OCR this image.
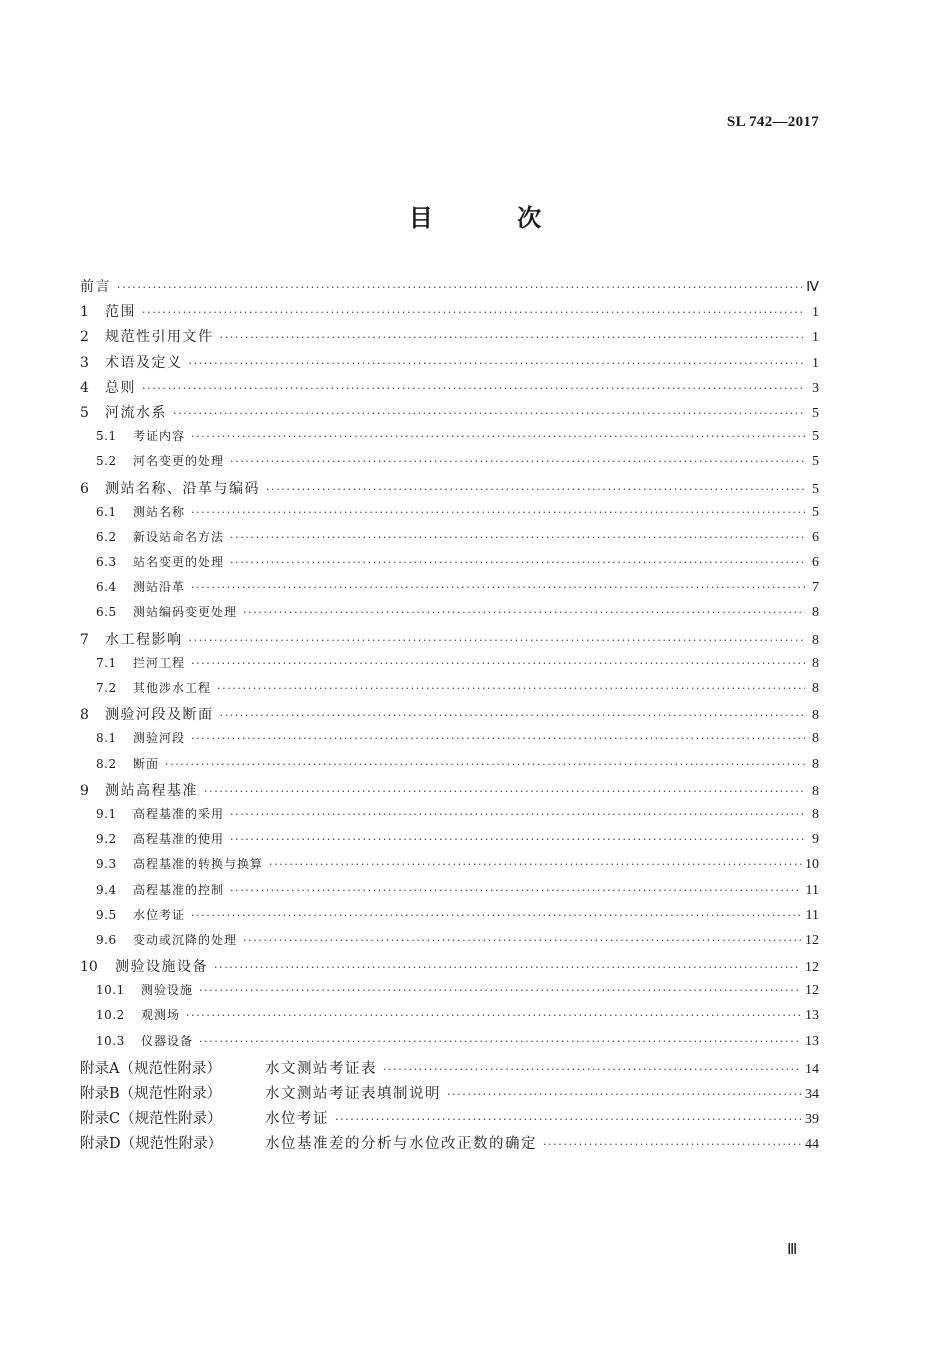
SL 742—2017
目 次
前言 ·····	Ⅳ
1	范围 ·····	1
2	规范性引用文件 ·····	1
3	术语及定义 ·····	1
4	总则 ·····	3
5	河流水系 ·····	5
5.1	考证内容 ·····	5
5.2	河名变更的处理 ·····	5
6	测站名称、沿革与编码 ·····	5
6.1	测站名称 ·····	5
6.2	新设站命名方法 ·····	6
6.3	站名变更的处理 ·····	6
6.4	测站沿革 ·····	7
6.5	测站编码变更处理 ·····	8
7	水工程影响 ·····	8
7.1	拦河工程 ·····	8
7.2	其他涉水工程 ·····	8
8	测验河段及断面 ·····	8
8.1	测验河段 ·····	8
8.2	断面 ·····	8
9	测站高程基准 ·····	8
9.1	高程基准的采用 ·····	8
9.2	高程基准的使用 ·····	9
9.3	高程基准的转换与换算 ·····	10
9.4	高程基准的控制 ·····	11
9.5	水位考证 ·····	11
9.6	变动或沉降的处理 ·····	12
10	测验设施设备 ·····	12
10.1	测验设施 ·····	12
10.2	观测场 ·····	13
10.3	仪器设备 ·····	13
附录A（规范性附录）	水文测站考证表 ·····	14
附录B（规范性附录）	水文测站考证表填制说明 ·····	34
附录C（规范性附录）	水位考证 ·····	39
附录D（规范性附录）	水位基准差的分析与水位改正数的确定 ·····	44
Ⅲ
